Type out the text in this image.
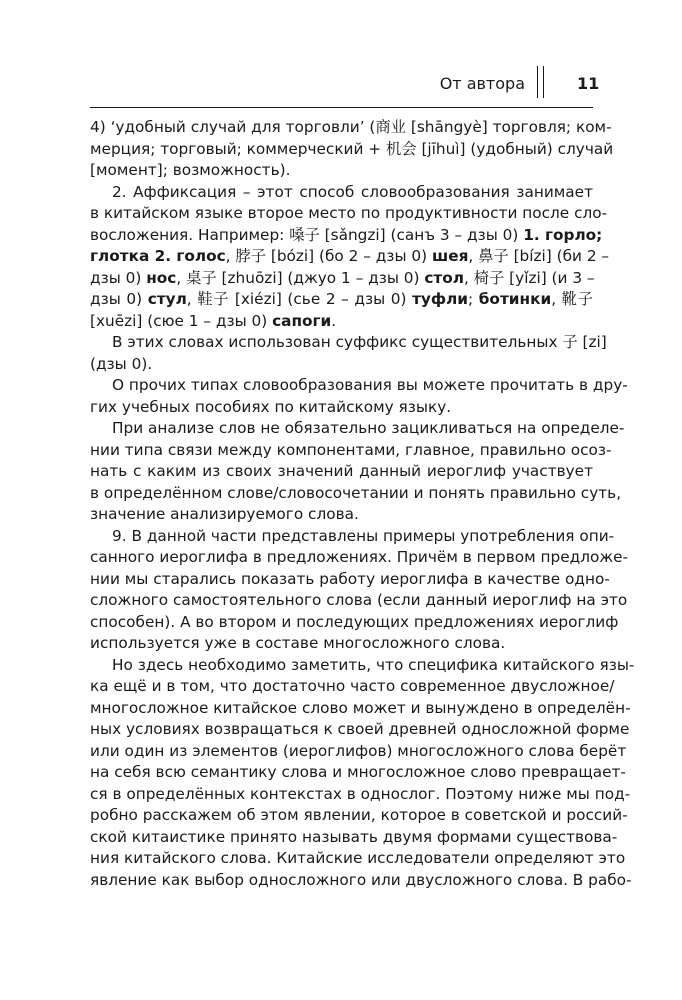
От автора	11
4) ‘удобный случай для торговли’ (商业 [shāngyè] торговля; ком-
мерция; торговый; коммерческий + 机会 [jīhuì] (удобный) случай
[момент]; возможность).
2. Аффиксация – этот способ словообразования занимает
в китайском языке второе место по продуктивности после сло-
восложения. Например: 嗓子 [sǎngzi] (санъ 3 – дзы 0) 1. горло;
глотка 2. голос, 脖子 [bózi] (бо 2 – дзы 0) шея, 鼻子 [bízi] (би 2 –
дзы 0) нос, 桌子 [zhuōzi] (джуо 1 – дзы 0) стол, 椅子 [yǐzi] (и 3 –
дзы 0) стул, 鞋子 [xiézi] (сье 2 – дзы 0) туфли; ботинки, 靴子
[xuēzi] (сюе 1 – дзы 0) сапоги.
В этих словах использован суффикс существительных 子 [zi]
(дзы 0).
О прочих типах словообразования вы можете прочитать в дру-
гих учебных пособиях по китайскому языку.
При анализе слов не обязательно зацикливаться на определе-
нии типа связи между компонентами, главное, правильно осоз-
нать с каким из своих значений данный иероглиф участвует
в определённом слове/словосочетании и понять правильно суть,
значение анализируемого слова.
9. В данной части представлены примеры употребления опи-
санного иероглифа в предложениях. Причём в первом предложе-
нии мы старались показать работу иероглифа в качестве одно-
сложного самостоятельного слова (если данный иероглиф на это
способен). А во втором и последующих предложениях иероглиф
используется уже в составе многосложного слова.
Но здесь необходимо заметить, что специфика китайского язы-
ка ещё и в том, что достаточно часто современное двусложное/
многосложное китайское слово может и вынуждено в определён-
ных условиях возвращаться к своей древней односложной форме
или один из элементов (иероглифов) многосложного слова берёт
на себя всю семантику слова и многосложное слово превращает-
ся в определённых контекстах в однослог. Поэтому ниже мы под-
робно расскажем об этом явлении, которое в советской и россий-
ской китаистике принято называть двумя формами существова-
ния китайского слова. Китайские исследователи определяют это
явление как выбор односложного или двусложного слова. В рабо-
